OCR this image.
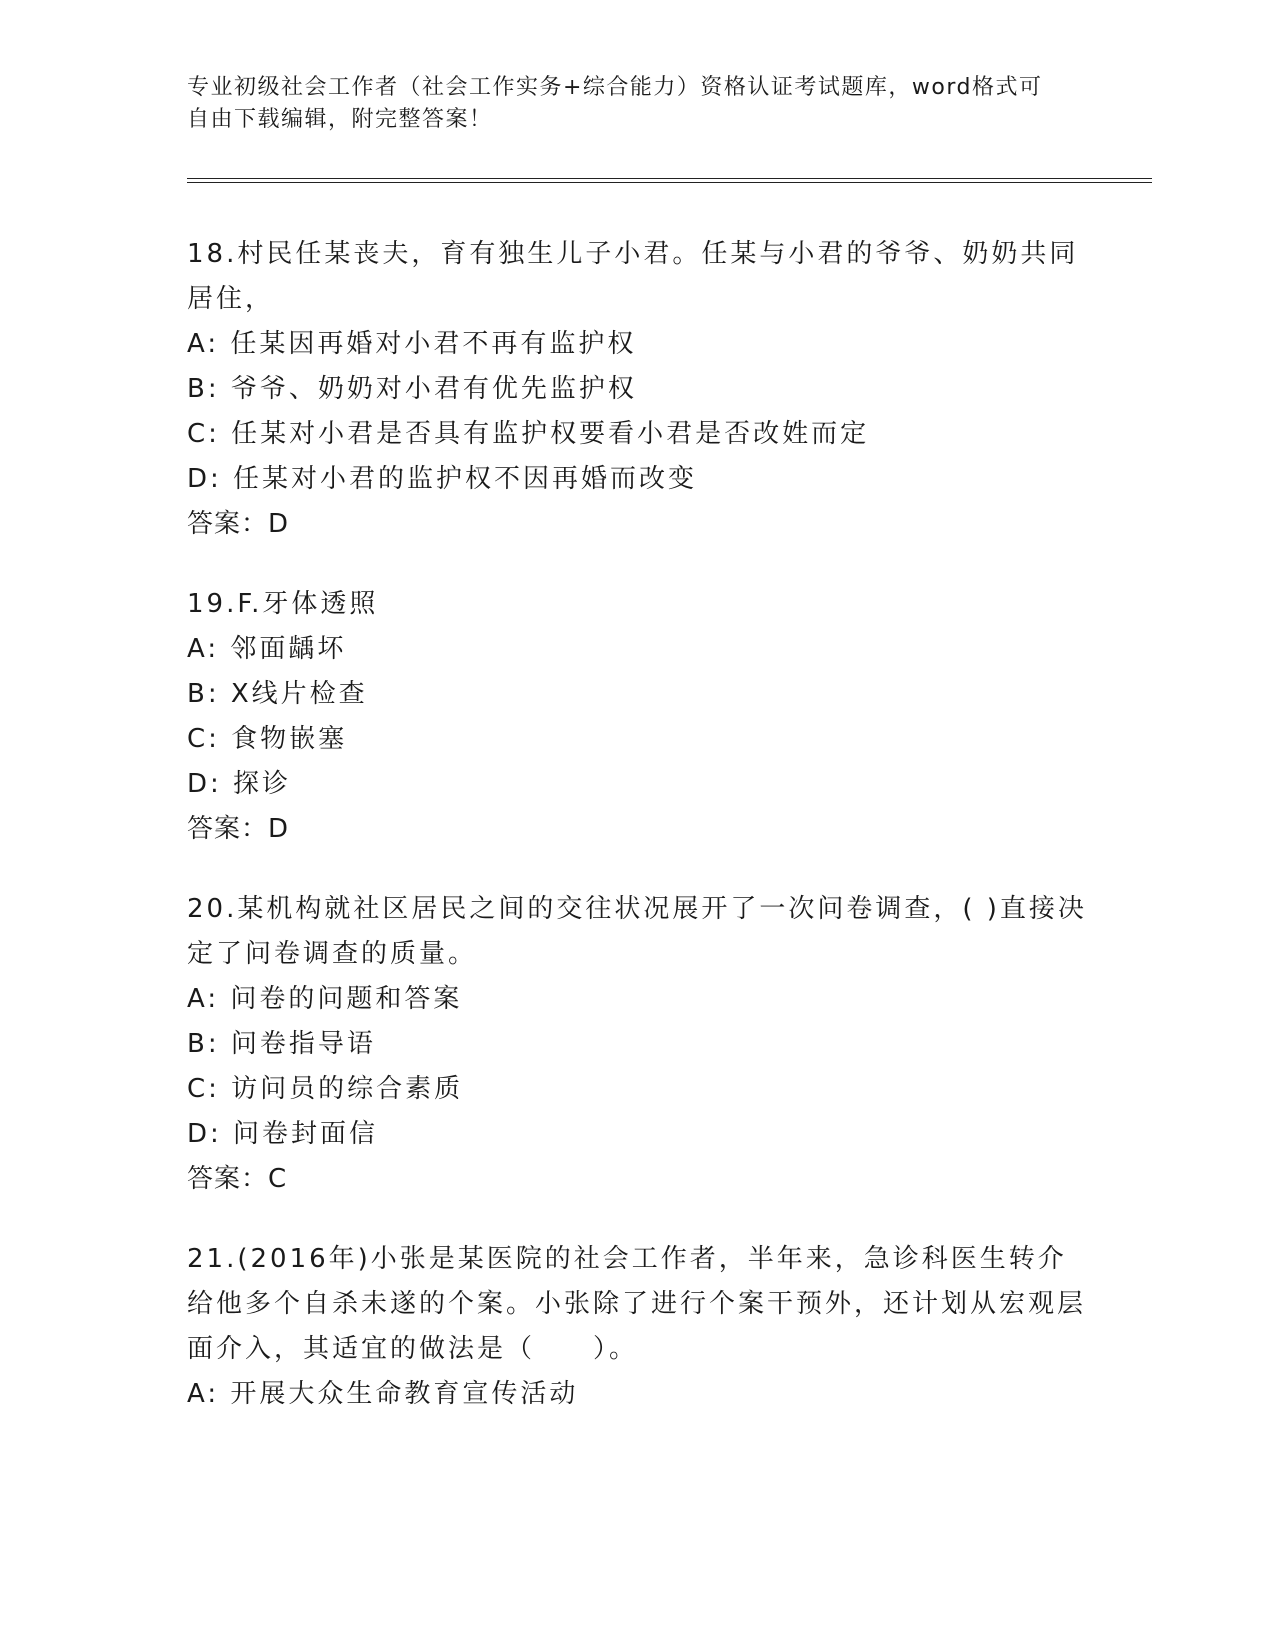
专业初级社会工作者（社会工作实务+综合能力）资格认证考试题库，word格式可
自由下载编辑，附完整答案！
18.村民任某丧夫，育有独生儿子小君。任某与小君的爷爷、奶奶共同居住，
A: 任某因再婚对小君不再有监护权
B: 爷爷、奶奶对小君有优先监护权
C: 任某对小君是否具有监护权要看小君是否改姓而定
D: 任某对小君的监护权不因再婚而改变
答案：D
19.F.牙体透照
A: 邻面龋坏
B: X线片检查
C: 食物嵌塞
D: 探诊
答案：D
20.某机构就社区居民之间的交往状况展开了一次问卷调查，( )直接决定了问卷调查的质量。
A: 问卷的问题和答案
B: 问卷指导语
C: 访问员的综合素质
D: 问卷封面信
答案：C
21.(2016年)小张是某医院的社会工作者，半年来，急诊科医生转介给他多个自杀未遂的个案。小张除了进行个案干预外，还计划从宏观层面介入，其适宜的做法是（　　）。
A: 开展大众生命教育宣传活动
